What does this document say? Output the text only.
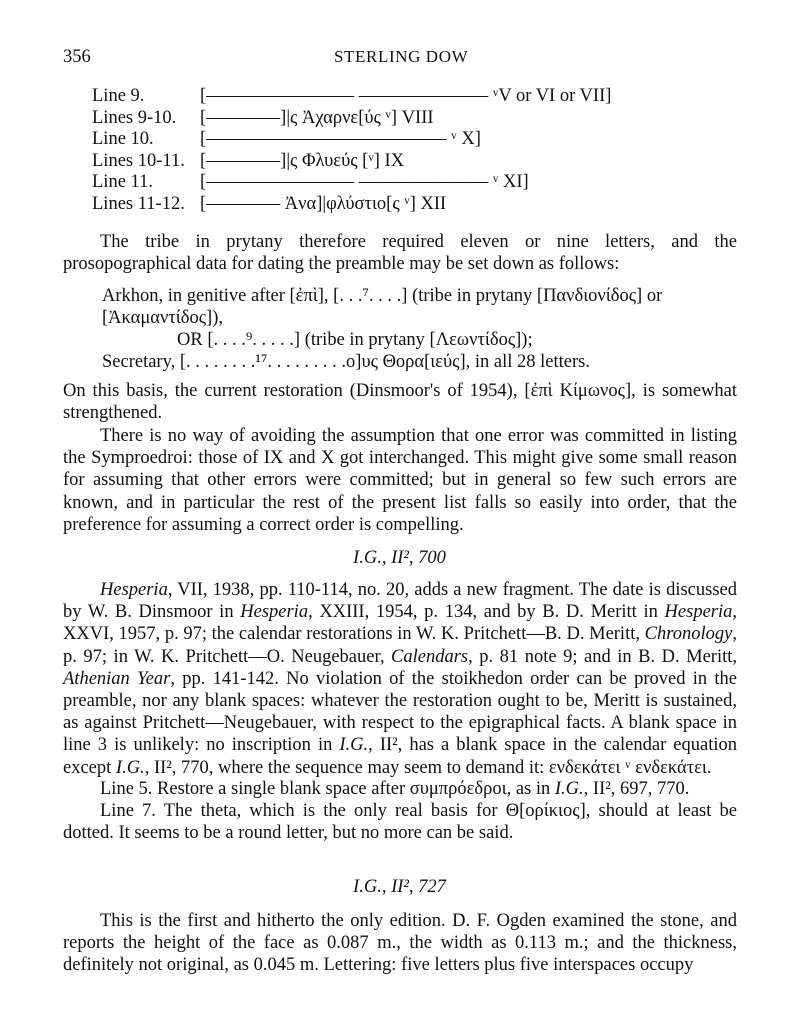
356	STERLING DOW
Line 9.	[———————— ——————— ᵛV or VI or VII]
Lines 9-10.	[————]|ς Ἀχαρνε[ύς ᵛ] VIII
Line 10.	[————————————— ᵛ X]
Lines 10-11.	[————]|ς Φλυεύς [ᵛ] IX
Line 11.	[———————— ——————— ᵛ XI]
Lines 11-12.	[———— Ἀνα]|φλύστιο[ς ᵛ] XII

The tribe in prytany therefore required eleven or nine letters, and the prosopographical data for dating the preamble may be set down as follows:

Arkhon, in genitive after [ἐπὶ], [. . .⁷. . . .] (tribe in prytany [Πανδιονίδος] or
[Ἀκαμαντίδος]),
OR [. . . .⁹. . . . .] (tribe in prytany [Λεωντίδος]);
Secretary, [. . . . . . . .¹⁷. . . . . . . . .ο]υς Θορα[ιεύς], in all 28 letters.

On this basis, the current restoration (Dinsmoor's of 1954), [ἐπὶ Κίμωνος], is somewhat strengthened.

There is no way of avoiding the assumption that one error was committed in listing the Symproedroi: those of IX and X got interchanged. This might give some small reason for assuming that other errors were committed; but in general so few such errors are known, and in particular the rest of the present list falls so easily into order, that the preference for assuming a correct order is compelling.

I.G., II², 700

Hesperia, VII, 1938, pp. 110-114, no. 20, adds a new fragment. The date is discussed by W. B. Dinsmoor in Hesperia, XXIII, 1954, p. 134, and by B. D. Meritt in Hesperia, XXVI, 1957, p. 97; the calendar restorations in W. K. Pritchett—B. D. Meritt, Chronology, p. 97; in W. K. Pritchett—O. Neugebauer, Calendars, p. 81 note 9; and in B. D. Meritt, Athenian Year, pp. 141-142. No violation of the stoikhedon order can be proved in the preamble, nor any blank spaces: whatever the restoration ought to be, Meritt is sustained, as against Pritchett—Neugebauer, with respect to the epigraphical facts. A blank space in line 3 is unlikely: no inscription in I.G., II², has a blank space in the calendar equation except I.G., II², 770, where the sequence may seem to demand it: ενδεκάτει ᵛ ενδεκάτει.

Line 5. Restore a single blank space after συμπρόεδροι, as in I.G., II², 697, 770.

Line 7. The theta, which is the only real basis for Θ[ορίκιος], should at least be dotted. It seems to be a round letter, but no more can be said.

I.G., II², 727

This is the first and hitherto the only edition. D. F. Ogden examined the stone, and reports the height of the face as 0.087 m., the width as 0.113 m.; and the thickness, definitely not original, as 0.045 m. Lettering: five letters plus five interspaces occupy
